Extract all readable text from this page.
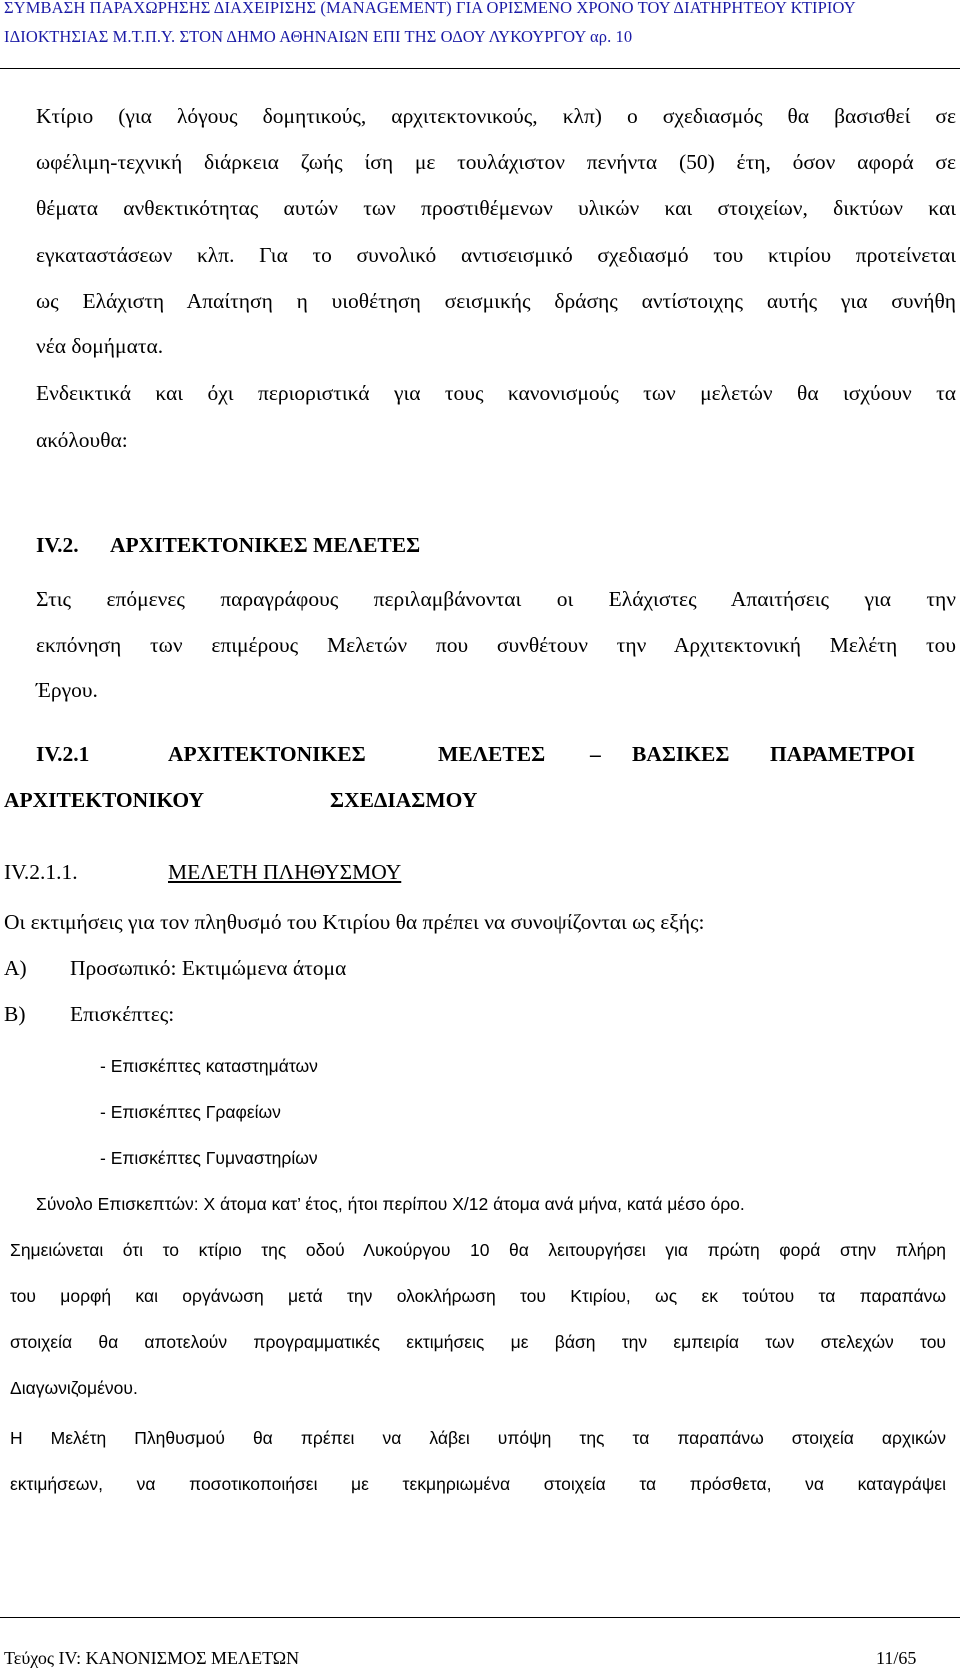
ΣΥΜΒΑΣΗ ΠΑΡΑΧΩΡΗΣΗΣ ΔΙΑΧΕΙΡΙΣΗΣ (MANAGEMENT) ΓΙΑ ΟΡΙΣΜΕΝΟ ΧΡΟΝΟ ΤΟΥ ΔΙΑΤΗΡΗΤΕΟΥ ΚΤΙΡΙΟΥ
ΙΔΙΟΚΤΗΣΙΑΣ Μ.Τ.Π.Υ. ΣΤΟΝ ΔΗΜΟ ΑΘΗΝΑΙΩΝ ΕΠΙ ΤΗΣ ΟΔΟΥ ΛΥΚΟΥΡΓΟΥ αρ. 10
Κτίριο (για λόγους δομητικούς, αρχιτεκτονικούς, κλπ) ο σχεδιασμός θα βασισθεί σε
ωφέλιμη-τεχνική διάρκεια ζωής ίση με τουλάχιστον πενήντα (50) έτη, όσον αφορά σε
θέματα ανθεκτικότητας αυτών των προστιθέμενων υλικών και στοιχείων, δικτύων και
εγκαταστάσεων κλπ. Για το συνολικό αντισεισμικό σχεδιασμό του κτιρίου προτείνεται
ως Ελάχιστη Απαίτηση η υιοθέτηση σεισμικής δράσης αντίστοιχης αυτής για συνήθη
νέα δομήματα.
Ενδεικτικά και όχι περιοριστικά για τους κανονισμούς των μελετών θα ισχύουν τα
ακόλουθα:
IV.2. ΑΡΧΙΤΕΚΤΟΝΙΚΕΣ ΜΕΛΕΤΕΣ
Στις επόμενες παραγράφους περιλαμβάνονται οι Ελάχιστες Απαιτήσεις για την
εκπόνηση των επιμέρους Μελετών που συνθέτουν την Αρχιτεκτονική Μελέτη του
Έργου.
IV.2.1	ΑΡΧΙΤΕΚΤΟΝΙΚΕΣ	ΜΕΛΕΤΕΣ – ΒΑΣΙΚΕΣ ΠΑΡΑΜΕΤΡΟΙ
ΑΡΧΙΤΕΚΤΟΝΙΚΟΥ	ΣΧΕΔΙΑΣΜΟΥ
IV.2.1.1.	ΜΕΛΕΤΗ ΠΛΗΘΥΣΜΟΥ
Οι εκτιμήσεις για τον πληθυσμό του Κτιρίου θα πρέπει να συνοψίζονται ως εξής:
Α) Προσωπικό: Εκτιμώμενα άτομα
Β) Επισκέπτες:
- Επισκέπτες καταστημάτων
- Επισκέπτες Γραφείων
- Επισκέπτες Γυμναστηρίων
Σύνολο Επισκεπτών: Χ άτομα κατ’ έτος, ήτοι περίπου Χ/12 άτομα ανά μήνα, κατά μέσο όρο.
Σημειώνεται ότι το κτίριο της οδού Λυκούργου 10 θα λειτουργήσει για πρώτη φορά στην πλήρη
του μορφή και οργάνωση μετά την ολοκλήρωση του Κτιρίου, ως εκ τούτου τα παραπάνω
στοιχεία θα αποτελούν προγραμματικές εκτιμήσεις με βάση την εμπειρία των στελεχών του
Διαγωνιζομένου.
Η Μελέτη Πληθυσμού θα πρέπει να λάβει υπόψη της τα παραπάνω στοιχεία αρχικών
εκτιμήσεων, να ποσοτικοποιήσει με τεκμηριωμένα στοιχεία τα πρόσθετα, να καταγράψει
Τεύχος IV: ΚΑΝΟΝΙΣΜΟΣ ΜΕΛΕΤΩΝ	11/65
